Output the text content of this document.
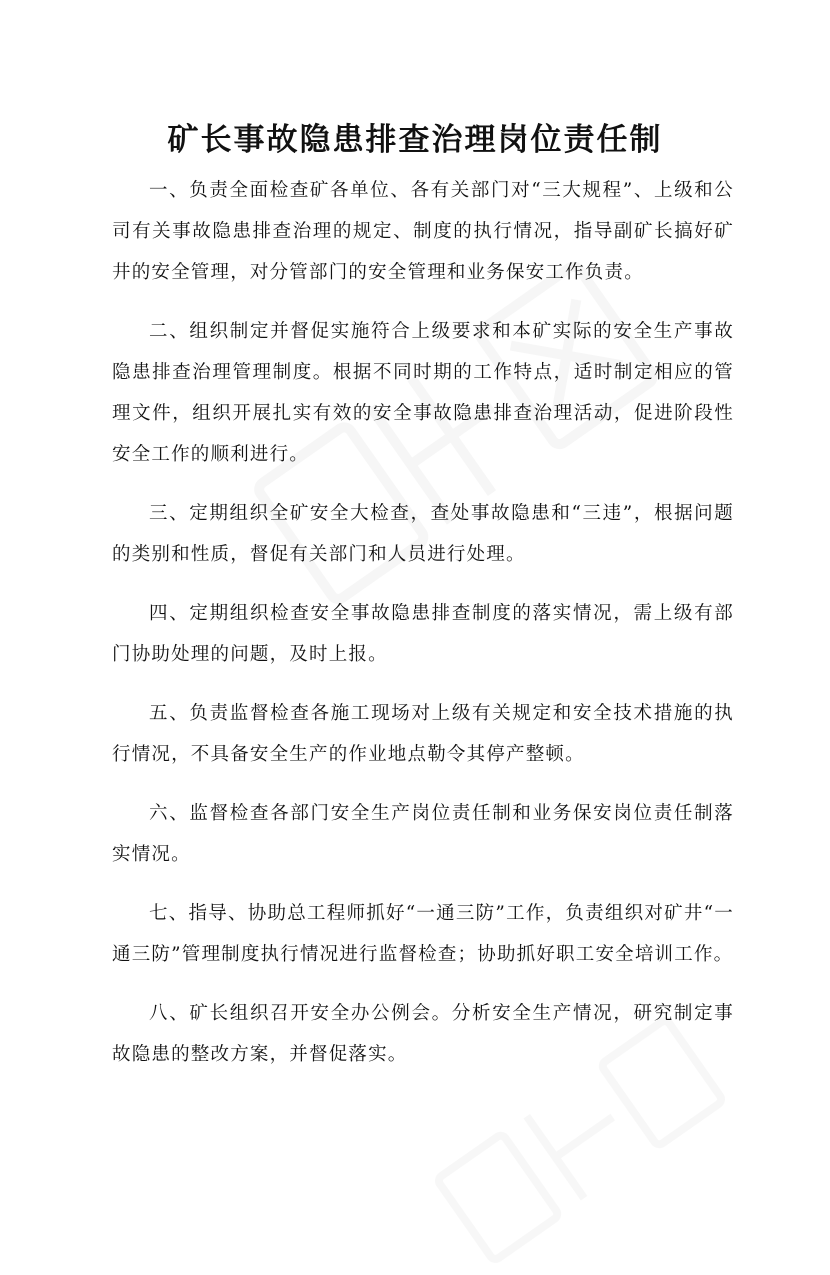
矿长事故隐患排查治理岗位责任制

一、负责全面检查矿各单位、各有关部门对“三大规程”、上级和公司有关事故隐患排查治理的规定、制度的执行情况，指导副矿长搞好矿井的安全管理，对分管部门的安全管理和业务保安工作负责。

二、组织制定并督促实施符合上级要求和本矿实际的安全生产事故隐患排查治理管理制度。根据不同时期的工作特点，适时制定相应的管理文件，组织开展扎实有效的安全事故隐患排查治理活动，促进阶段性安全工作的顺利进行。

三、定期组织全矿安全大检查，查处事故隐患和“三违”，根据问题的类别和性质，督促有关部门和人员进行处理。

四、定期组织检查安全事故隐患排查制度的落实情况，需上级有部门协助处理的问题，及时上报。

五、负责监督检查各施工现场对上级有关规定和安全技术措施的执行情况，不具备安全生产的作业地点勒令其停产整顿。

六、监督检查各部门安全生产岗位责任制和业务保安岗位责任制落实情况。

七、指导、协助总工程师抓好“一通三防”工作，负责组织对矿井“一通三防”管理制度执行情况进行监督检查；协助抓好职工安全培训工作。

八、矿长组织召开安全办公例会。分析安全生产情况，研究制定事故隐患的整改方案，并督促落实。
